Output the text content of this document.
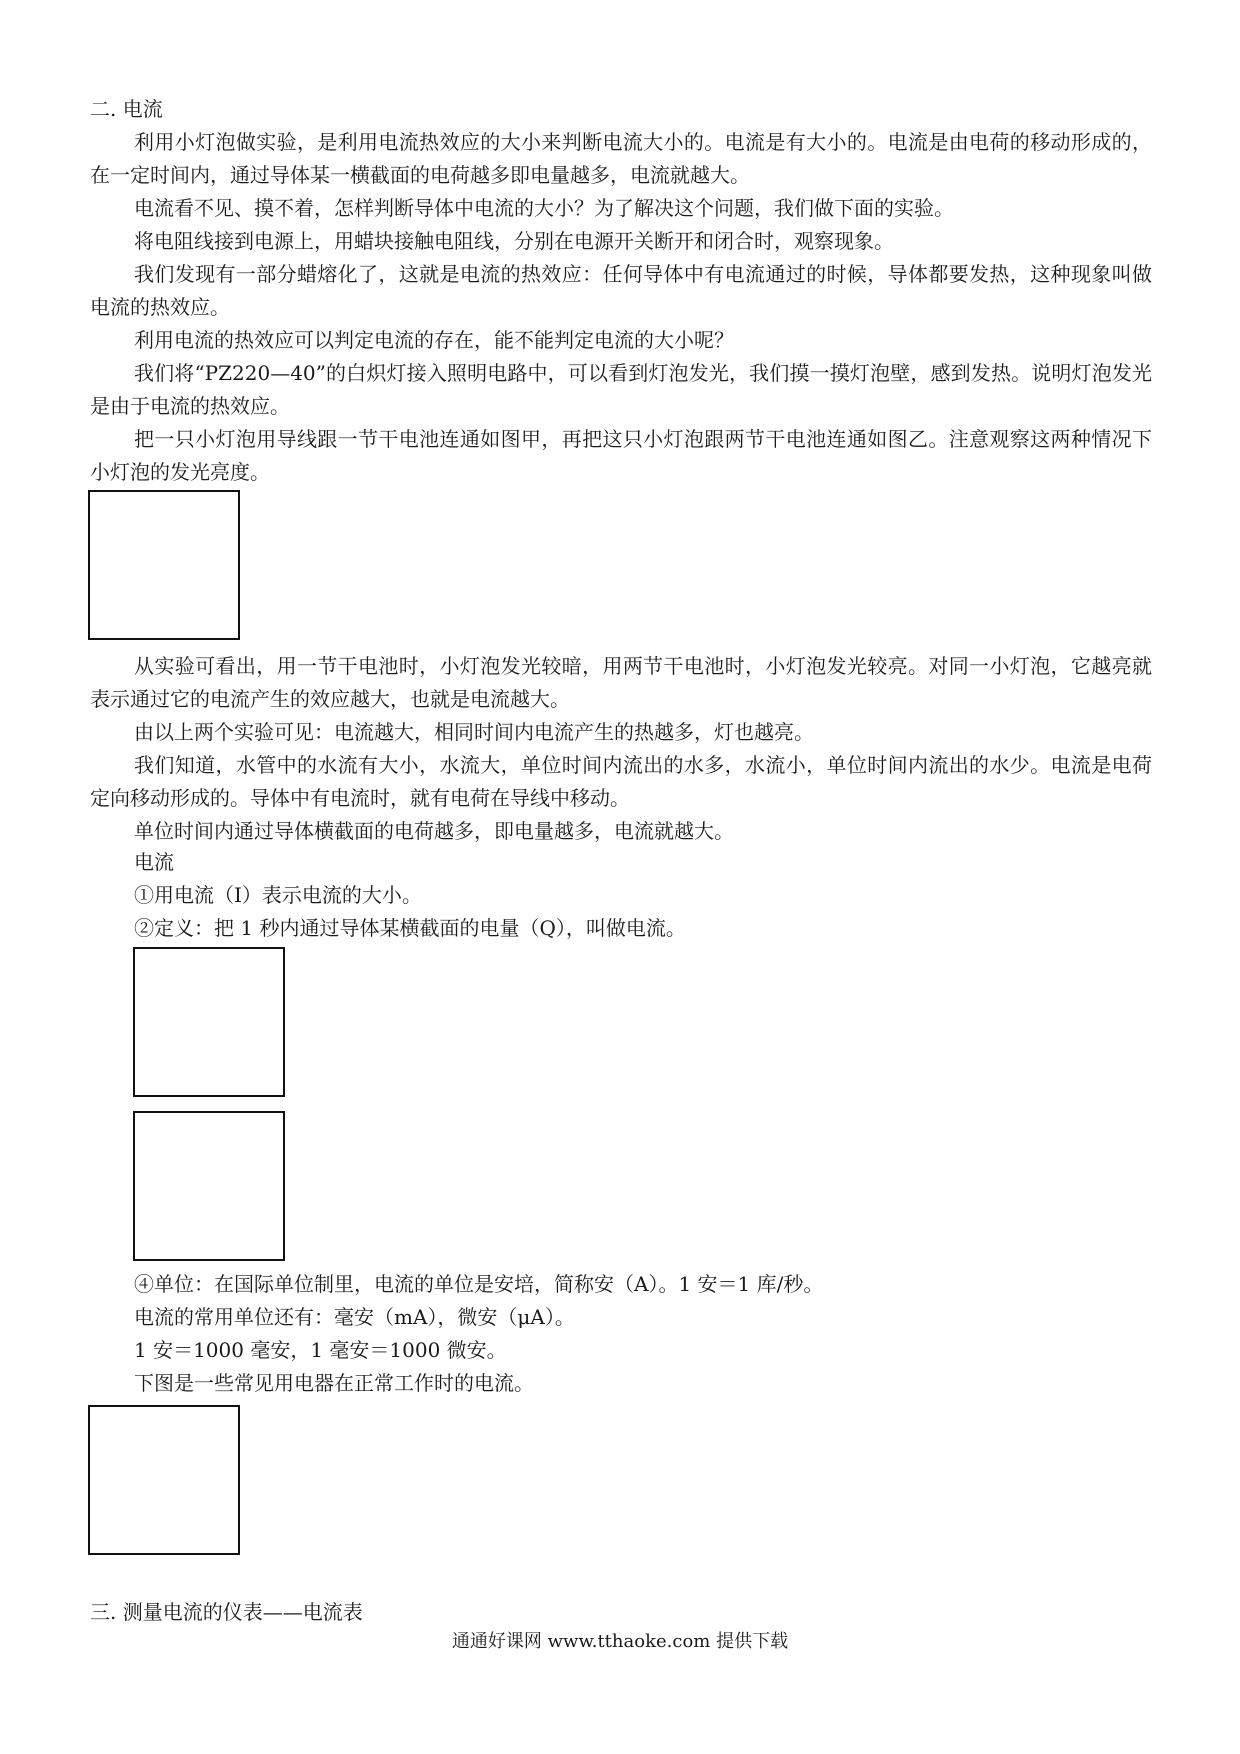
二. 电流

利用小灯泡做实验，是利用电流热效应的大小来判断电流大小的。电流是有大小的。电流是由电荷的移动形成的，在一定时间内，通过导体某一横截面的电荷越多即电量越多，电流就越大。

电流看不见、摸不着，怎样判断导体中电流的大小？为了解决这个问题，我们做下面的实验。

将电阻线接到电源上，用蜡块接触电阻线，分别在电源开关断开和闭合时，观察现象。

我们发现有一部分蜡熔化了，这就是电流的热效应：任何导体中有电流通过的时候，导体都要发热，这种现象叫做电流的热效应。

利用电流的热效应可以判定电流的存在，能不能判定电流的大小呢？

我们将“PZ220—40”的白炽灯接入照明电路中，可以看到灯泡发光，我们摸一摸灯泡壁，感到发热。说明灯泡发光是由于电流的热效应。

把一只小灯泡用导线跟一节干电池连通如图甲，再把这只小灯泡跟两节干电池连通如图乙。注意观察这两种情况下小灯泡的发光亮度。

从实验可看出，用一节干电池时，小灯泡发光较暗，用两节干电池时，小灯泡发光较亮。对同一小灯泡，它越亮就表示通过它的电流产生的效应越大，也就是电流越大。

由以上两个实验可见：电流越大，相同时间内电流产生的热越多，灯也越亮。

我们知道，水管中的水流有大小，水流大，单位时间内流出的水多，水流小，单位时间内流出的水少。电流是电荷定向移动形成的。导体中有电流时，就有电荷在导线中移动。

单位时间内通过导体横截面的电荷越多，即电量越多，电流就越大。

电流
①用电流（I）表示电流的大小。
②定义：把 1 秒内通过导体某横截面的电量（Q），叫做电流。
④单位：在国际单位制里，电流的单位是安培，简称安（A）。1 安＝1 库/秒。
电流的常用单位还有：毫安（mA），微安（μA）。
1 安＝1000 毫安，1 毫安＝1000 微安。
下图是一些常见用电器在正常工作时的电流。
三. 测量电流的仪表——电流表
通通好课网 www.tthaoke.com 提供下载
